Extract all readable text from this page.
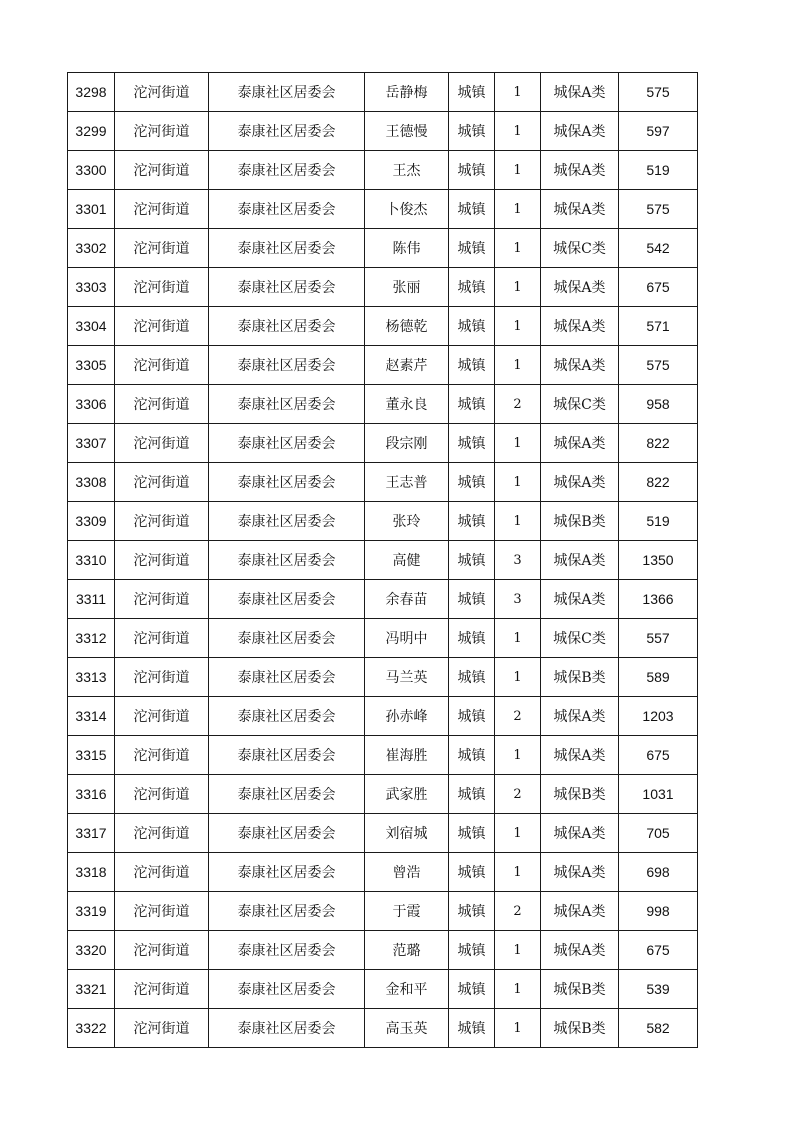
3298	沱河街道	泰康社区居委会	岳静梅	城镇	1	城保A类	575
3299	沱河街道	泰康社区居委会	王德慢	城镇	1	城保A类	597
3300	沱河街道	泰康社区居委会	王杰	城镇	1	城保A类	519
3301	沱河街道	泰康社区居委会	卜俊杰	城镇	1	城保A类	575
3302	沱河街道	泰康社区居委会	陈伟	城镇	1	城保C类	542
3303	沱河街道	泰康社区居委会	张丽	城镇	1	城保A类	675
3304	沱河街道	泰康社区居委会	杨德乾	城镇	1	城保A类	571
3305	沱河街道	泰康社区居委会	赵素芹	城镇	1	城保A类	575
3306	沱河街道	泰康社区居委会	董永良	城镇	2	城保C类	958
3307	沱河街道	泰康社区居委会	段宗刚	城镇	1	城保A类	822
3308	沱河街道	泰康社区居委会	王志普	城镇	1	城保A类	822
3309	沱河街道	泰康社区居委会	张玲	城镇	1	城保B类	519
3310	沱河街道	泰康社区居委会	高健	城镇	3	城保A类	1350
3311	沱河街道	泰康社区居委会	余春苗	城镇	3	城保A类	1366
3312	沱河街道	泰康社区居委会	冯明中	城镇	1	城保C类	557
3313	沱河街道	泰康社区居委会	马兰英	城镇	1	城保B类	589
3314	沱河街道	泰康社区居委会	孙赤峰	城镇	2	城保A类	1203
3315	沱河街道	泰康社区居委会	崔海胜	城镇	1	城保A类	675
3316	沱河街道	泰康社区居委会	武家胜	城镇	2	城保B类	1031
3317	沱河街道	泰康社区居委会	刘宿城	城镇	1	城保A类	705
3318	沱河街道	泰康社区居委会	曾浩	城镇	1	城保A类	698
3319	沱河街道	泰康社区居委会	于霞	城镇	2	城保A类	998
3320	沱河街道	泰康社区居委会	范璐	城镇	1	城保A类	675
3321	沱河街道	泰康社区居委会	金和平	城镇	1	城保B类	539
3322	沱河街道	泰康社区居委会	高玉英	城镇	1	城保B类	582
